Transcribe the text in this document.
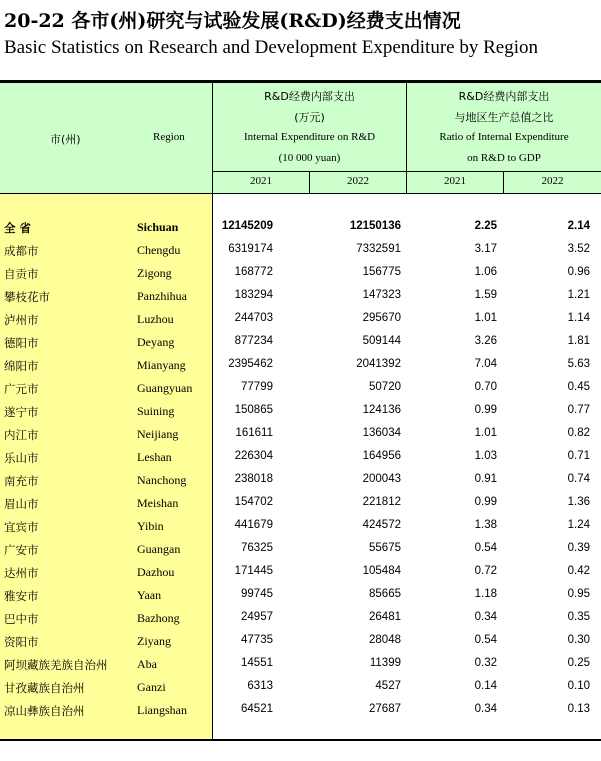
20-22 各市(州)研究与试验发展(R&D)经费支出情况
Basic Statistics on Research and Development Expenditure by Region
市(州)	Region
R&D经费内部支出
(万元)
Internal Expenditure on R&D
(10 000 yuan)
R&D经费内部支出
与地区生产总值之比
Ratio of Internal Expenditure
on R&D to GDP
2021	2022	2021	2022
全 省	Sichuan	12145209	12150136	2.25	2.14
成都市	Chengdu	6319174	7332591	3.17	3.52
自贡市	Zigong	168772	156775	1.06	0.96
攀枝花市	Panzhihua	183294	147323	1.59	1.21
泸州市	Luzhou	244703	295670	1.01	1.14
德阳市	Deyang	877234	509144	3.26	1.81
绵阳市	Mianyang	2395462	2041392	7.04	5.63
广元市	Guangyuan	77799	50720	0.70	0.45
遂宁市	Suining	150865	124136	0.99	0.77
内江市	Neijiang	161611	136034	1.01	0.82
乐山市	Leshan	226304	164956	1.03	0.71
南充市	Nanchong	238018	200043	0.91	0.74
眉山市	Meishan	154702	221812	0.99	1.36
宜宾市	Yibin	441679	424572	1.38	1.24
广安市	Guangan	76325	55675	0.54	0.39
达州市	Dazhou	171445	105484	0.72	0.42
雅安市	Yaan	99745	85665	1.18	0.95
巴中市	Bazhong	24957	26481	0.34	0.35
资阳市	Ziyang	47735	28048	0.54	0.30
阿坝藏族羌族自治州 Aba	14551	11399	0.32	0.25
甘孜藏族自治州	Ganzi	6313	4527	0.14	0.10
凉山彝族自治州	Liangshan	64521	27687	0.34	0.13
